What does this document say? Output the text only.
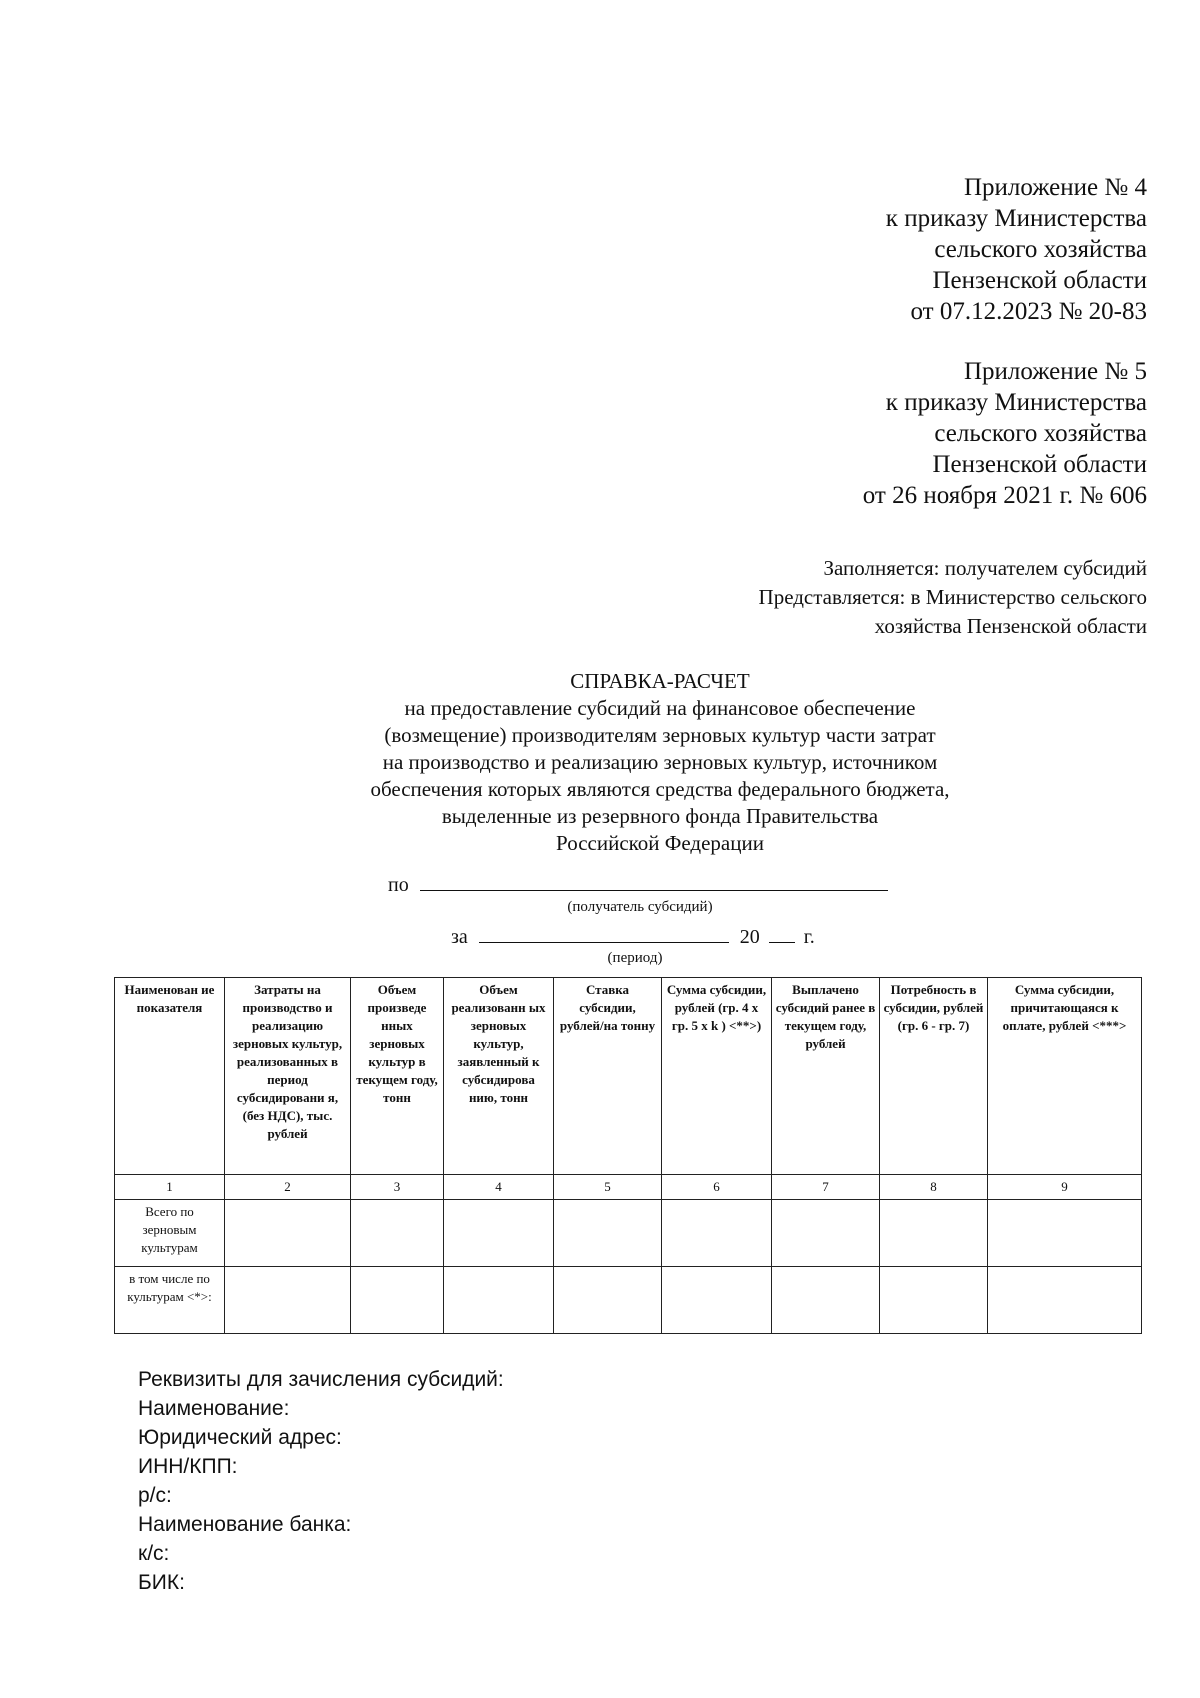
Приложение № 4
к приказу Министерства
сельского хозяйства
Пензенской области
от 07.12.2023 № 20-83
Приложение № 5
к приказу Министерства
сельского хозяйства
Пензенской области
от 26 ноября 2021 г. № 606
Заполняется: получателем субсидий
Представляется: в Министерство сельского
хозяйства Пензенской области
СПРАВКА-РАСЧЕТ
на предоставление субсидий на финансовое обеспечение
(возмещение) производителям зерновых культур части затрат
на производство и реализацию зерновых культур, источником
обеспечения которых являются средства федерального бюджета,
выделенные из резервного фонда Правительства
Российской Федерации
по
(получатель субсидий)
за	20 г.
(период)
Наименован ие показателя	Затраты на производство и реализацию зерновых культур, реализованных в период субсидировани я, (без НДС), тыс. рублей	Объем произведе нных зерновых культур в текущем году, тонн	Объем реализованн ых зерновых культур, заявленный к субсидирова нию, тонн	Ставка субсидии, рублей/на тонну	Сумма субсидии, рублей (гр. 4 x гр. 5 x k ) <**>)	Выплачено субсидий ранее в текущем году, рублей	Потребность в субсидии, рублей (гр. 6 - гр. 7)	Сумма субсидии, причитающаяся к оплате, рублей <***>
1	2	3	4	5	6	7	8	9
Всего по зерновым культурам								
в том числе по культурам <*>:								
Реквизиты для зачисления субсидий:
Наименование:
Юридический адрес:
ИНН/КПП:
р/с:
Наименование банка:
к/с:
БИК:
